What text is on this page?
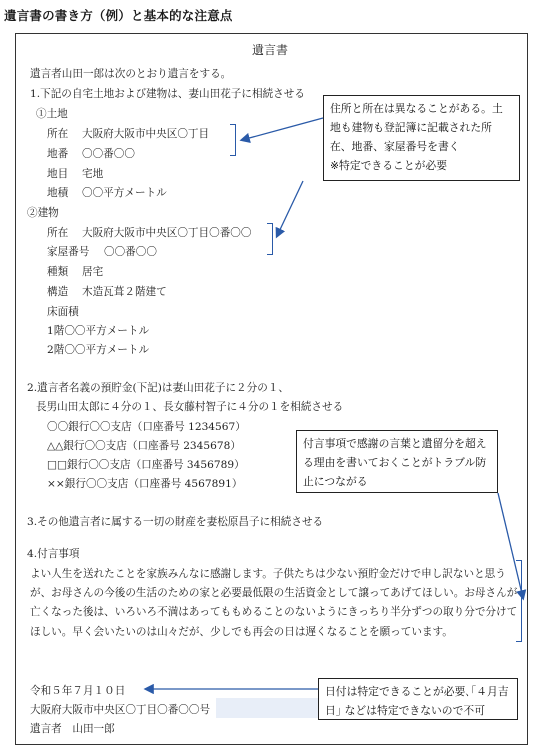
遺言書の書き方（例）と基本的な注意点
遺言書
遺言者山田一郎は次のとおり遺言をする。
1.下記の自宅土地および建物は、妻山田花子に相続させる
①土地
所在 大阪府大阪市中央区〇丁目
地番 〇〇番〇〇
地目 宅地
地積 〇〇平方メートル
②建物
所在 大阪府大阪市中央区〇丁目〇番〇〇
家屋番号 〇〇番〇〇
種類 居宅
構造 木造瓦葺２階建て
床面積
1階〇〇平方メートル
2階〇〇平方メートル
2.遺言者名義の預貯金(下記)は妻山田花子に２分の１、
長男山田太郎に４分の１、長女藤村智子に４分の１を相続させる
〇〇銀行〇〇支店（口座番号 1234567）
△△銀行〇〇支店（口座番号 2345678）
□□銀行〇〇支店（口座番号 3456789）
××銀行〇〇支店（口座番号 4567891）
3.その他遺言者に属する一切の財産を妻松原昌子に相続させる
4.付言事項
よい人生を送れたことを家族みんなに感謝します。子供たちは少ない預貯金だけで申し訳ないと思うが、お母さんの今後の生活のための家と必要最低限の生活資金として譲ってあげてほしい。お母さんが亡くなった後は、いろいろ不満はあってももめることのないようにきっちり半分ずつの取り分で分けてほしい。早く会いたいのは山々だが、少しでも再会の日は遅くなることを願っています。
令和５年７月１０日
大阪府大阪市中央区〇丁目〇番〇〇号
遺言者　山田一郎
住所と所在は異なることがある。土地も建物も登記簿に記載された所在、地番、家屋番号を書く
※特定できることが必要
付言事項で感謝の言葉と遺留分を超える理由を書いておくことがトラブル防止につながる
日付は特定できることが必要､｢４月吉日｣ などは特定できないので不可
